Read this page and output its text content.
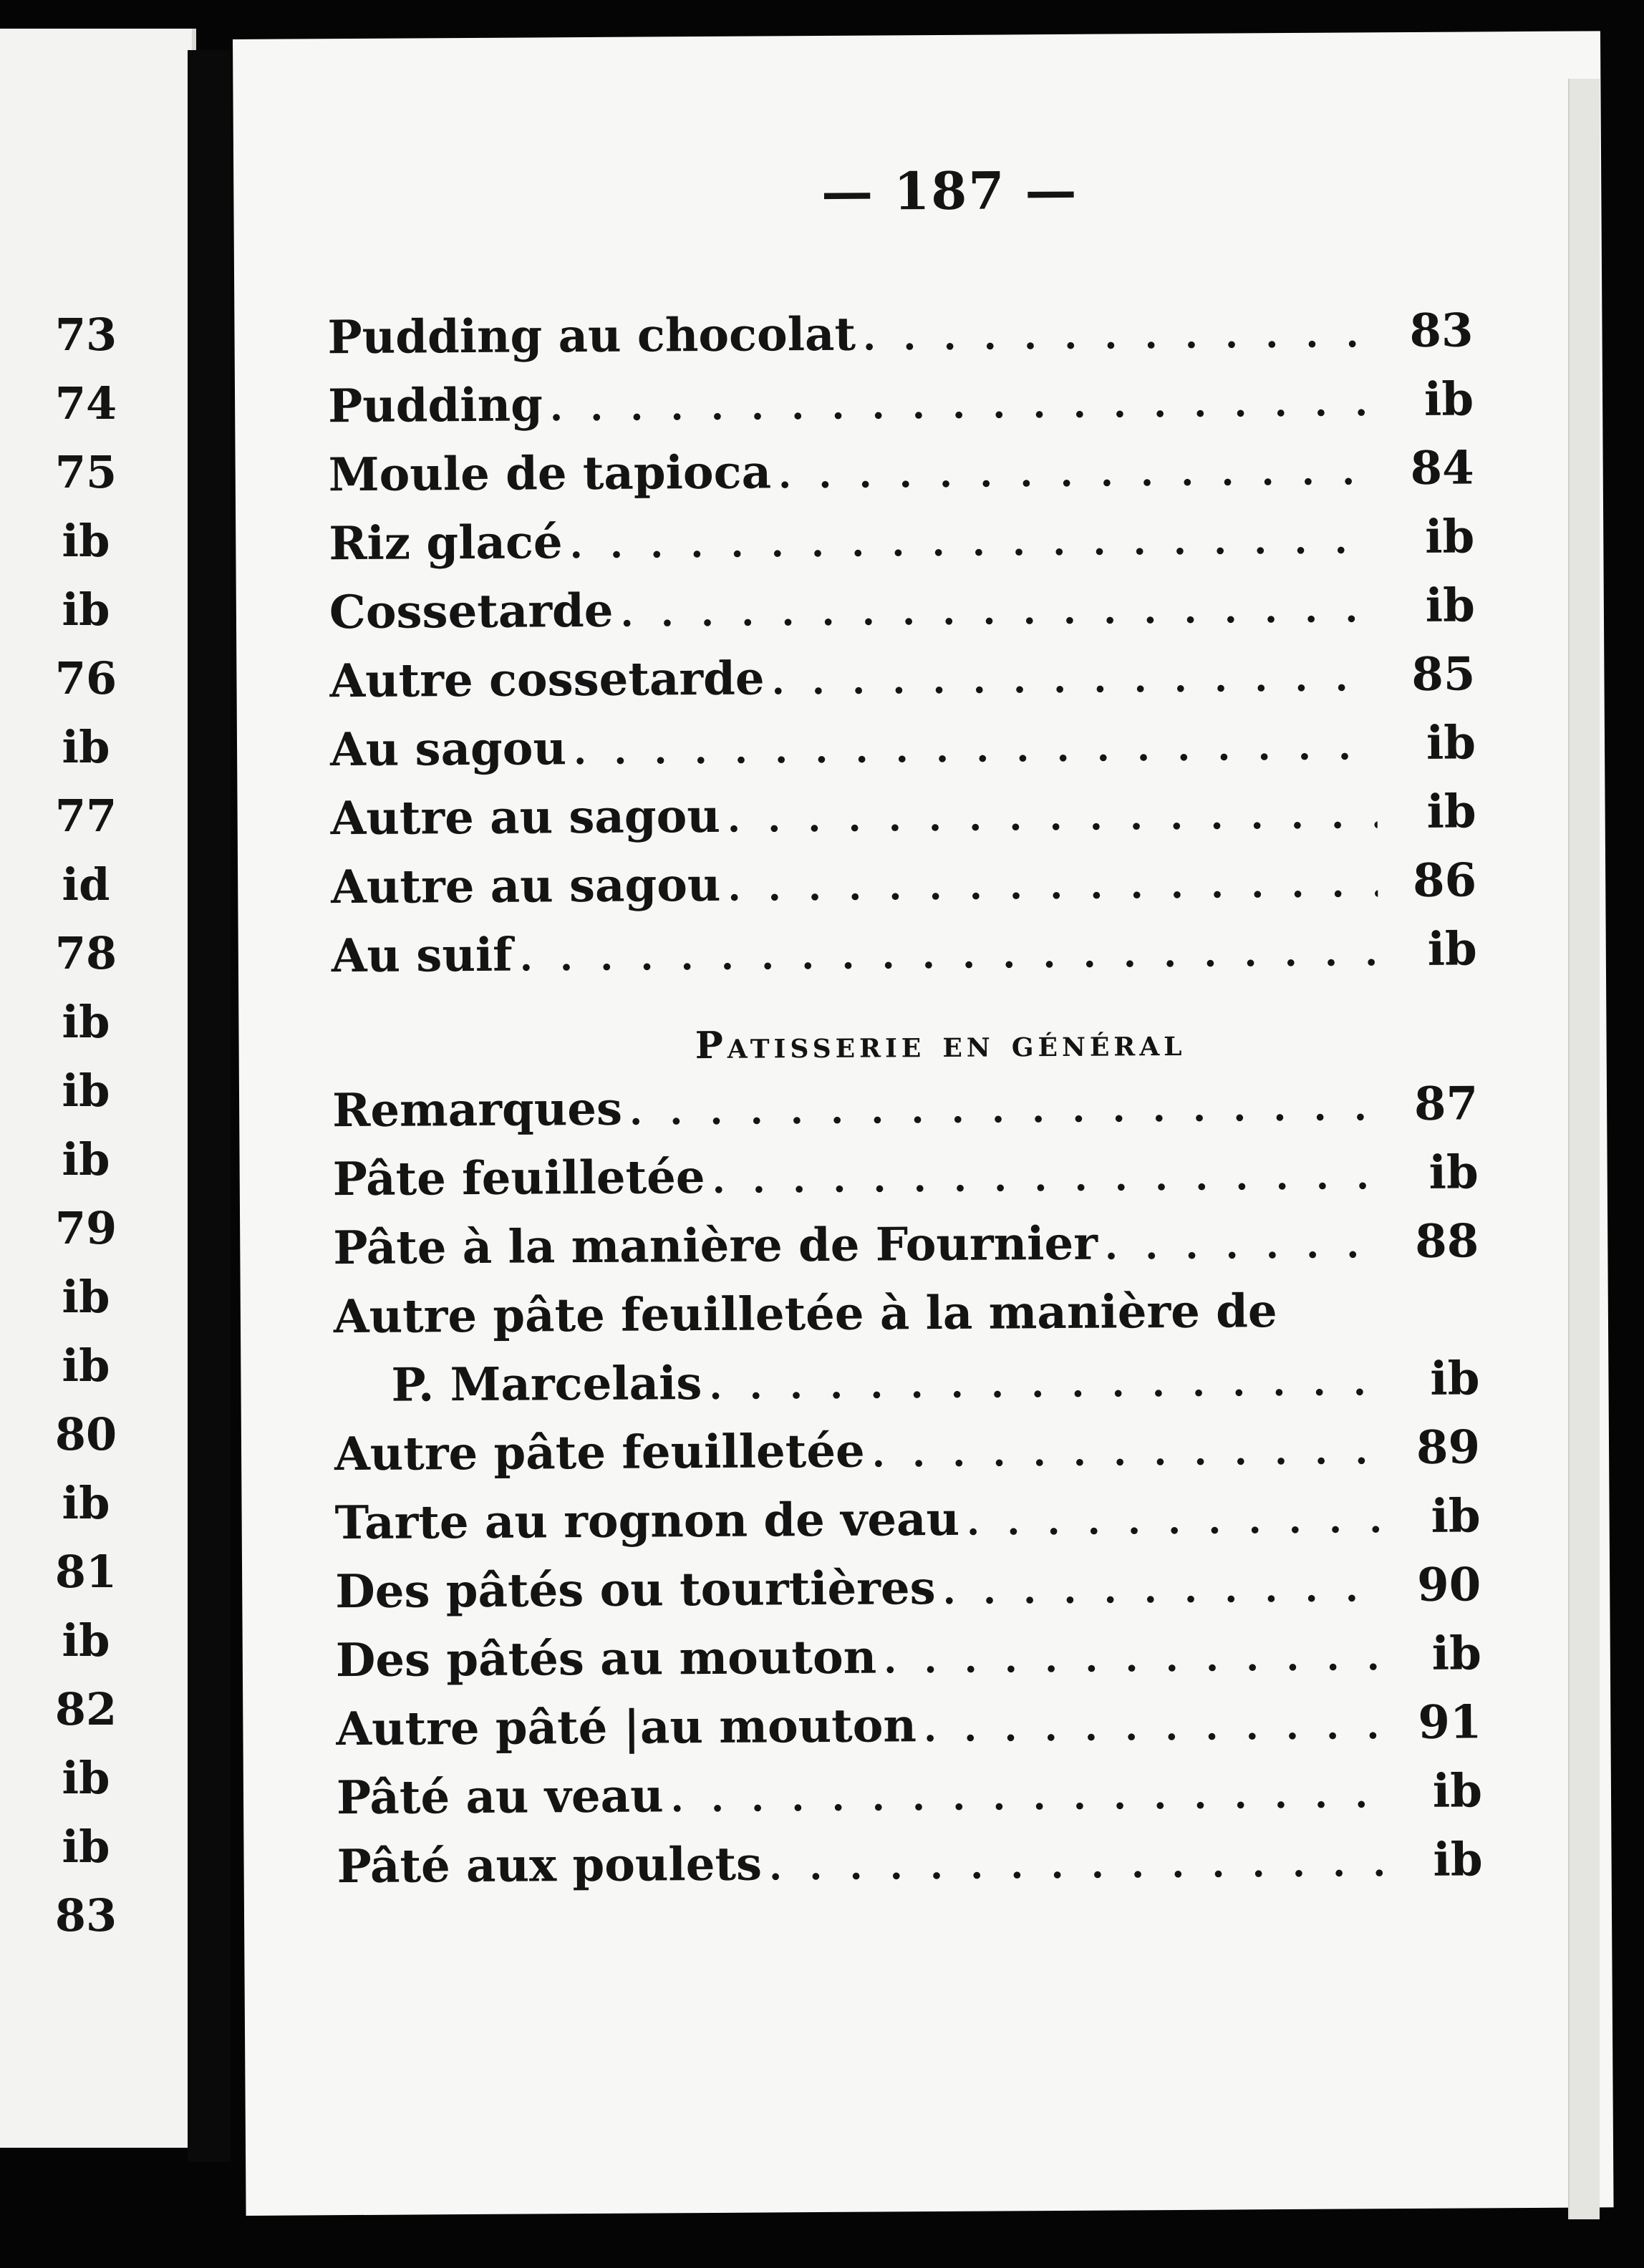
73
74
75
ib
ib
76
ib
77
id
78
ib
ib
ib
79
ib
ib
80
ib
81
ib
82
ib
ib
83
— 187 —
Pudding au chocolat . . .	83
Pudding . . .	ib
Moule de tapioca . . .	84
Riz glacé . . .	ib
Cossetarde . . .	ib
Autre cossetarde . . .	85
Au sagou . . .	ib
Autre au sagou . . .	ib
Autre au sagou . . .	86
Au suif . . .	ib
Patisserie en général
Remarques . . .	87
Pâte feuilletée . . .	ib
Pâte à la manière de Fournier . . .	88
Autre pâte feuilletée à la manière de
P. Marcelais . . .	ib
Autre pâte feuilletée . . .	89
Tarte au rognon de veau . . .	ib
Des pâtés ou tourtières . . .	90
Des pâtés au mouton . . .	ib
Autre pâté |au mouton . . .	91
Pâté au veau . . .	ib
Pâté aux poulets . . .	ib
